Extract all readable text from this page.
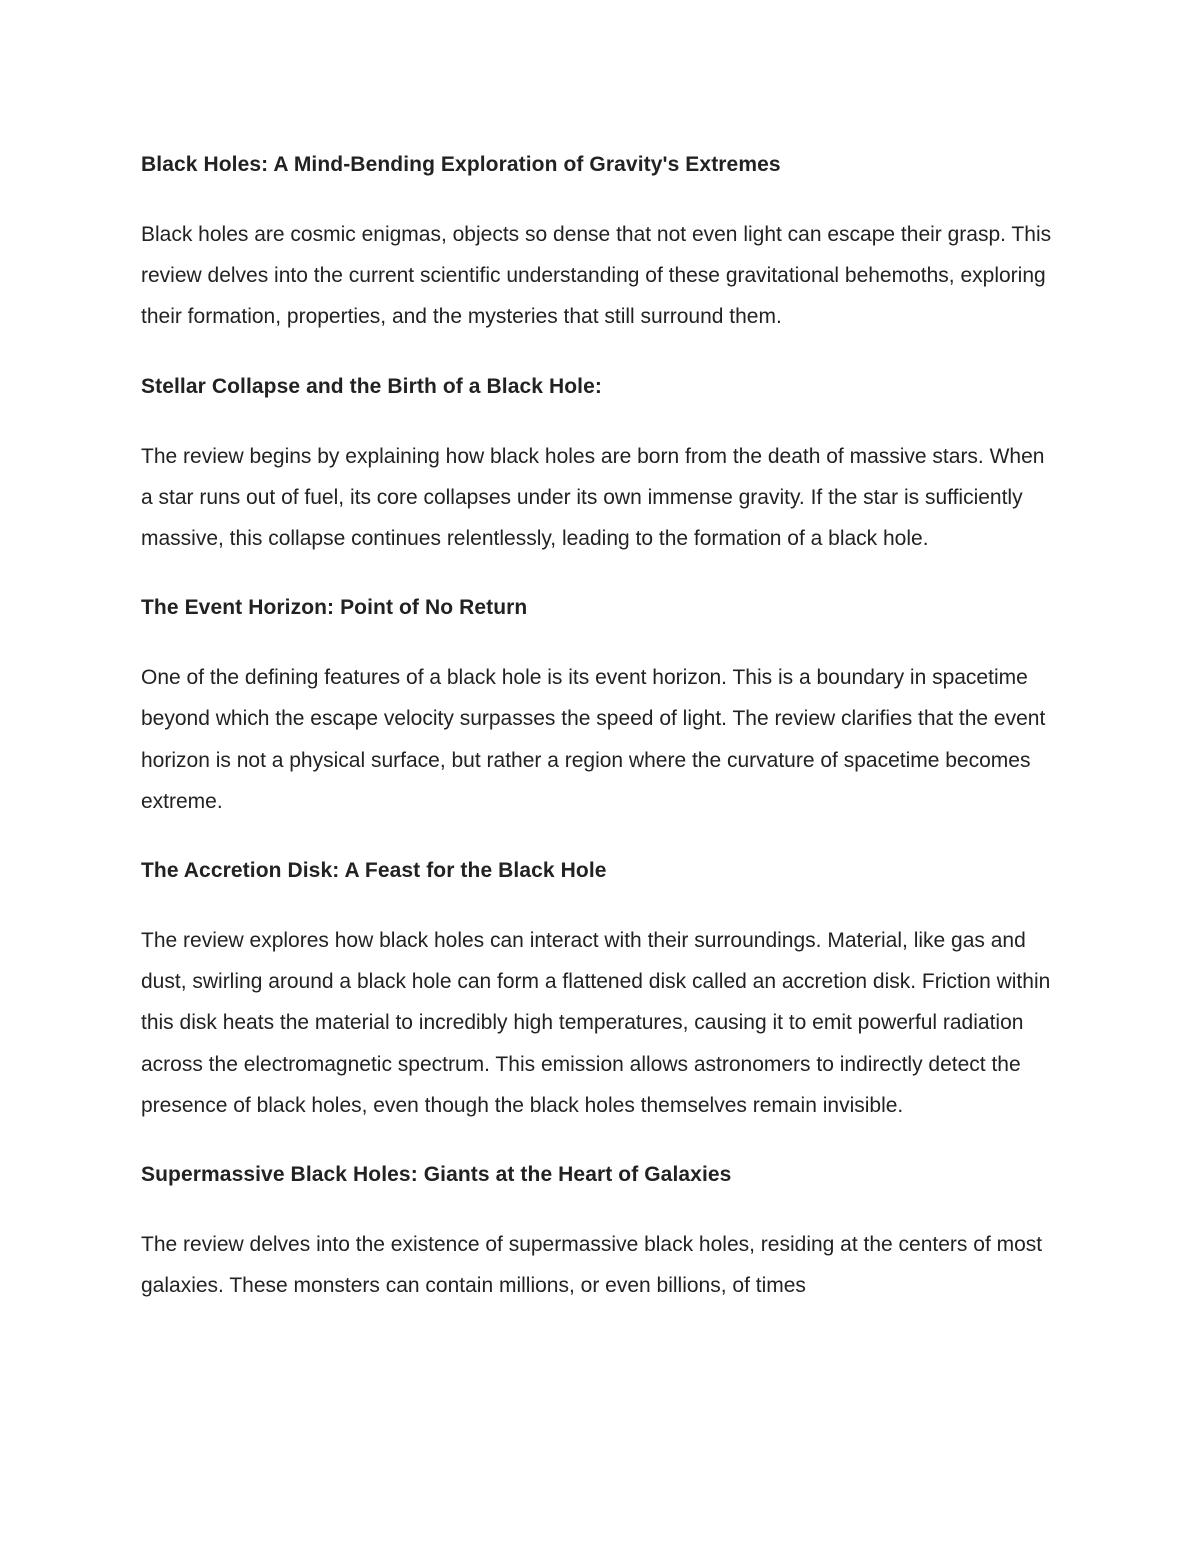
Black Holes: A Mind-Bending Exploration of Gravity's Extremes

Black holes are cosmic enigmas, objects so dense that not even light can escape their grasp. This review delves into the current scientific understanding of these gravitational behemoths, exploring their formation, properties, and the mysteries that still surround them.

Stellar Collapse and the Birth of a Black Hole:

The review begins by explaining how black holes are born from the death of massive stars. When a star runs out of fuel, its core collapses under its own immense gravity. If the star is sufficiently massive, this collapse continues relentlessly, leading to the formation of a black hole.

The Event Horizon: Point of No Return

One of the defining features of a black hole is its event horizon. This is a boundary in spacetime beyond which the escape velocity surpasses the speed of light. The review clarifies that the event horizon is not a physical surface, but rather a region where the curvature of spacetime becomes extreme.

The Accretion Disk: A Feast for the Black Hole

The review explores how black holes can interact with their surroundings. Material, like gas and dust, swirling around a black hole can form a flattened disk called an accretion disk. Friction within this disk heats the material to incredibly high temperatures, causing it to emit powerful radiation across the electromagnetic spectrum. This emission allows astronomers to indirectly detect the presence of black holes, even though the black holes themselves remain invisible.

Supermassive Black Holes: Giants at the Heart of Galaxies

The review delves into the existence of supermassive black holes, residing at the centers of most galaxies. These monsters can contain millions, or even billions, of times
